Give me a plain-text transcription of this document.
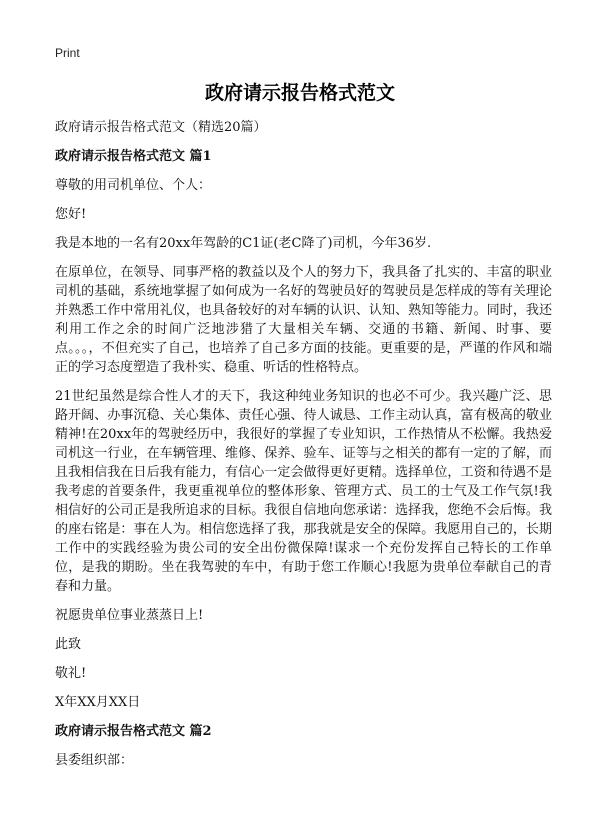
Print
政府请示报告格式范文

政府请示报告格式范文（精选20篇）

政府请示报告格式范文 篇1

尊敬的用司机单位、个人：

您好!

我是本地的一名有20xx年驾龄的C1证(老C降了)司机，今年36岁.

在原单位，在领导、同事严格的教益以及个人的努力下，我具备了扎实的、丰富的职业司机的基础，系统地掌握了如何成为一名好的驾驶员好的驾驶员是怎样成的等有关理论并熟悉工作中常用礼仪，也具备较好的对车辆的认识、认知、熟知等能力。同时，我还利用工作之余的时间广泛地涉猎了大量相关车辆、交通的书籍、新闻、时事、要点。。。，不但充实了自己，也培养了自己多方面的技能。更重要的是，严谨的作风和端正的学习态度塑造了我朴实、稳重、听话的性格特点。

21世纪虽然是综合性人才的天下，我这种纯业务知识的也必不可少。我兴趣广泛、思路开阔、办事沉稳、关心集体、责任心强、待人诚恳、工作主动认真，富有极高的敬业精神!在20xx年的驾驶经历中，我很好的掌握了专业知识，工作热情从不松懈。我热爱司机这一行业，在车辆管理、维修、保养、验车、证等与之相关的都有一定的了解，而且我相信我在日后我有能力，有信心一定会做得更好更精。选择单位，工资和待遇不是我考虑的首要条件，我更重视单位的整体形象、管理方式、员工的士气及工作气氛!我相信好的公司正是我所追求的目标。我很自信地向您承诺：选择我，您绝不会后悔。我的座右铭是：事在人为。相信您选择了我，那我就是安全的保障。我愿用自己的，长期工作中的实践经验为贵公司的安全出份微保障!谋求一个充份发挥自己特长的工作单位，是我的期盼。坐在我驾驶的车中，有助于您工作顺心!我愿为贵单位奉献自己的青春和力量。

祝愿贵单位事业蒸蒸日上!

此致

敬礼!

X年XX月XX日

政府请示报告格式范文 篇2

县委组织部：
